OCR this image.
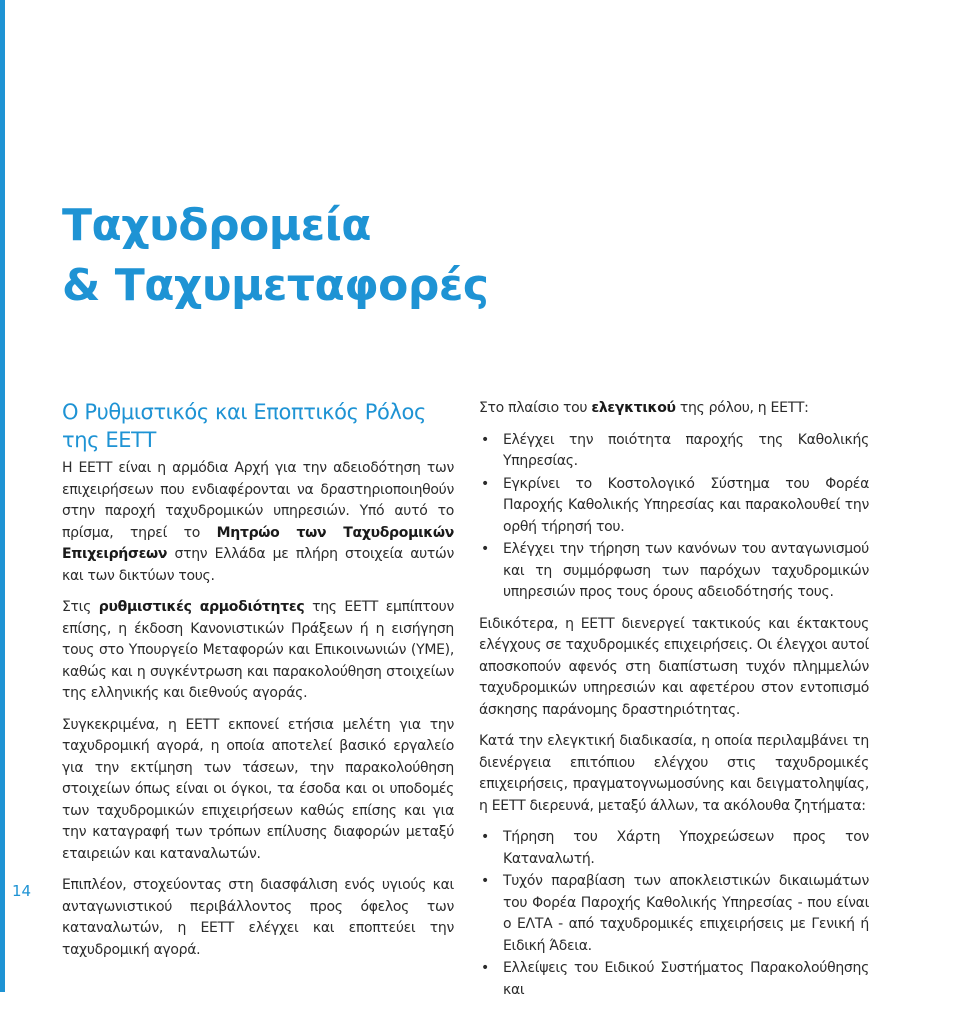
14
Ταχυδρομεία
& Ταχυμεταφορές
Ο Ρυθμιστικός και Εποπτικός Ρόλος
της ΕΕΤΤ

Η ΕΕΤΤ είναι η αρμόδια Αρχή για την αδειοδότηση των επιχειρήσεων που ενδιαφέρονται να δραστηριοποιηθούν στην παροχή ταχυδρομικών υπηρεσιών. Υπό αυτό το πρίσμα, τηρεί το Μητρώο των Ταχυδρομικών Επιχειρήσεων στην Ελλάδα με πλήρη στοιχεία αυτών και των δικτύων τους.

Στις ρυθμιστικές αρμοδιότητες της ΕΕΤΤ εμπίπτουν επίσης, η έκδοση Κανονιστικών Πράξεων ή η εισήγηση τους στο Υπουργείο Μεταφορών και Επικοινωνιών (ΥΜΕ), καθώς και η συγκέντρωση και παρακολούθηση στοιχείων της ελληνικής και διεθνούς αγοράς.

Συγκεκριμένα, η ΕΕΤΤ εκπονεί ετήσια μελέτη για την ταχυδρομική αγορά, η οποία αποτελεί βασικό εργαλείο για την εκτίμηση των τάσεων, την παρακολούθηση στοιχείων όπως είναι οι όγκοι, τα έσοδα και οι υποδομές των ταχυδρομικών επιχειρήσεων καθώς επίσης και για την καταγραφή των τρόπων επίλυσης διαφορών μεταξύ εταιρειών και καταναλωτών.

Επιπλέον, στοχεύοντας στη διασφάλιση ενός υγιούς και ανταγωνιστικού περιβάλλοντος προς όφελος των καταναλωτών, η ΕΕΤΤ ελέγχει και εποπτεύει την ταχυδρομική αγορά.

Στο πλαίσιο του ελεγκτικού της ρόλου, η ΕΕΤΤ:

• Ελέγχει την ποιότητα παροχής της Καθολικής Υπηρεσίας.
• Εγκρίνει το Κοστολογικό Σύστημα του Φορέα Παροχής Καθολικής Υπηρεσίας και παρακολουθεί την ορθή τήρησή του.
• Ελέγχει την τήρηση των κανόνων του ανταγωνισμού και τη συμμόρφωση των παρόχων ταχυδρομικών υπηρεσιών προς τους όρους αδειοδότησής τους.

Ειδικότερα, η ΕΕΤΤ διενεργεί τακτικούς και έκτακτους ελέγχους σε ταχυδρομικές επιχειρήσεις. Οι έλεγχοι αυτοί αποσκοπούν αφενός στη διαπίστωση τυχόν πλημμελών ταχυδρομικών υπηρεσιών και αφετέρου στον εντοπισμό άσκησης παράνομης δραστηριότητας.

Κατά την ελεγκτική διαδικασία, η οποία περιλαμβάνει τη διενέργεια επιτόπιου ελέγχου στις ταχυδρομικές επιχειρήσεις, πραγματογνωμοσύνης και δειγματοληψίας, η ΕΕΤΤ διερευνά, μεταξύ άλλων, τα ακόλουθα ζητήματα:

• Τήρηση του Χάρτη Υποχρεώσεων προς τον Καταναλωτή.
• Τυχόν παραβίαση των αποκλειστικών δικαιωμάτων του Φορέα Παροχής Καθολικής Υπηρεσίας - που είναι ο ΕΛΤΑ - από ταχυδρομικές επιχειρήσεις με Γενική ή Ειδική Άδεια.
• Ελλείψεις του Ειδικού Συστήματος Παρακολούθησης και
